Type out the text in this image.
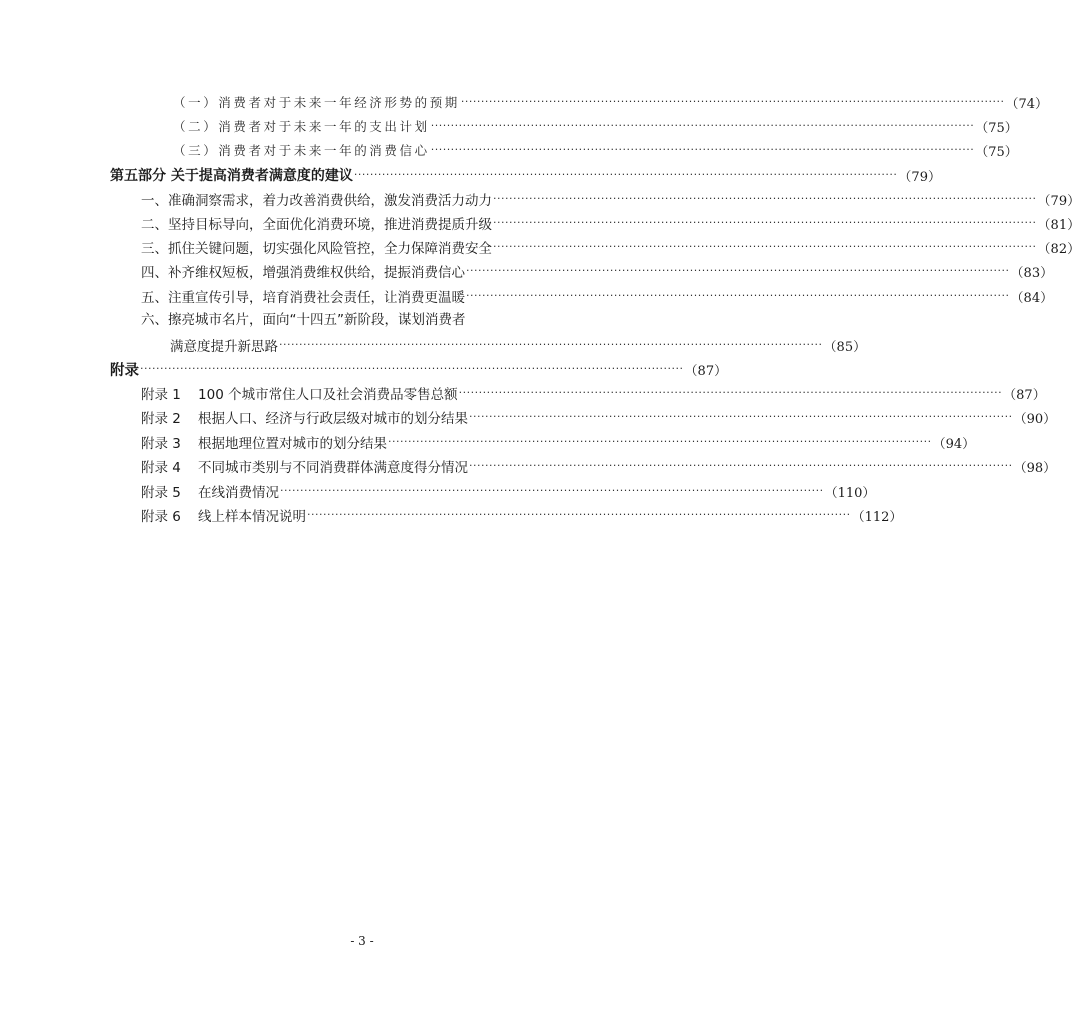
（一）消费者对于未来一年经济形势的预期 ········································································································································ （74）
（二）消费者对于未来一年的支出计划 ········································································································································ （75）
（三）消费者对于未来一年的消费信心 ········································································································································ （75）
第五部分 关于提高消费者满意度的建议 ········································································································································ （79）
一、准确洞察需求，着力改善消费供给，激发消费活力动力 ········································································································································ （79）
二、坚持目标导向，全面优化消费环境，推进消费提质升级 ········································································································································ （81）
三、抓住关键问题，切实强化风险管控，全力保障消费安全 ········································································································································ （82）
四、补齐维权短板，增强消费维权供给，提振消费信心 ········································································································································ （83）
五、注重宣传引导，培育消费社会责任，让消费更温暖 ········································································································································ （84）
六、擦亮城市名片，面向“十四五”新阶段，谋划消费者
满意度提升新思路 ········································································································································ （85）
附 录 ········································································································································ （87）
附录 1    100 个城市常住人口及社会消费品零售总额 ········································································································································ （87）
附录 2    根据人口、经济与行政层级对城市的划分结果 ········································································································································ （90）
附录 3    根据地理位置对城市的划分结果 ········································································································································ （94）
附录 4    不同城市类别与不同消费群体满意度得分情况 ········································································································································ （98）
附录 5    在线消费情况 ········································································································································ （110）
附录 6    线上样本情况说明 ········································································································································ （112）
- 3 -
